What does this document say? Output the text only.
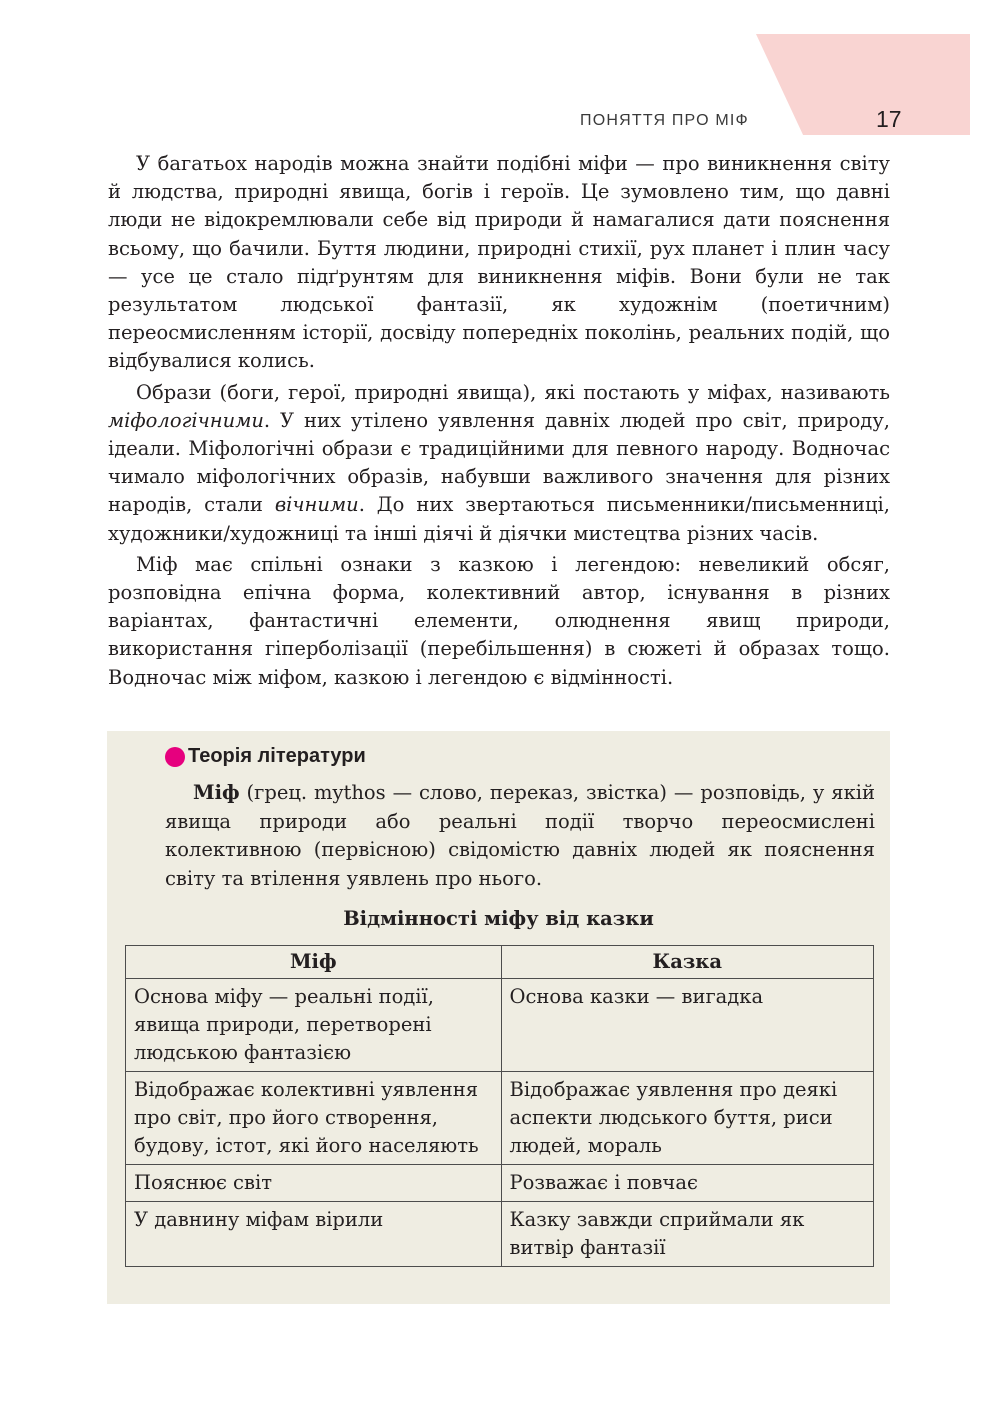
ПОНЯТТЯ ПРО МІФ	17

У багатьох народів можна знайти подібні міфи — про виникнення світу й людства, природні явища, богів і героїв. Це зумовлено тим, що давні люди не відокремлювали себе від природи й намагалися дати пояснення всьому, що бачили. Буття людини, природні стихії, рух планет і плин часу — усе це стало підґрунтям для виникнення міфів. Вони були не так результатом людської фантазії, як художнім (поетичним) переосмисленням історії, досвіду попередніх поколінь, реальних подій, що відбувалися колись.

Образи (боги, герої, природні явища), які постають у міфах, називають міфологічними. У них утілено уявлення давніх людей про світ, природу, ідеали. Міфологічні образи є традиційними для певного народу. Водночас чимало міфологічних образів, набувши важливого значення для різних народів, стали вічними. До них звертаються письменники/письменниці, художники/художниці та інші діячі й діячки мистецтва різних часів.

Міф має спільні ознаки з казкою і легендою: невеликий обсяг, розповідна епічна форма, колективний автор, існування в різних варіантах, фантастичні елементи, олюднення явищ природи, використання гіперболізації (перебільшення) в сюжеті й образах тощо. Водночас між міфом, казкою і легендою є відмінності.

Теорія літератури

Міф (грец. mythos — слово, переказ, звістка) — розповідь, у якій явища природи або реальні події творчо переосмислені колективною (первісною) свідомістю давніх людей як пояснення світу та втілення уявлень про нього.

Відмінності міфу від казки
Міф	Казка
Основа міфу — реальні події, явища природи, перетворені людською фантазією	Основа казки — вигадка
Відображає колективні уявлення про світ, про його створення, будову, істот, які його населяють	Відображає уявлення про деякі аспекти людського буття, риси людей, мораль
Пояснює світ	Розважає і повчає
У давнину міфам вірили	Казку завжди сприймали як витвір фантазії
